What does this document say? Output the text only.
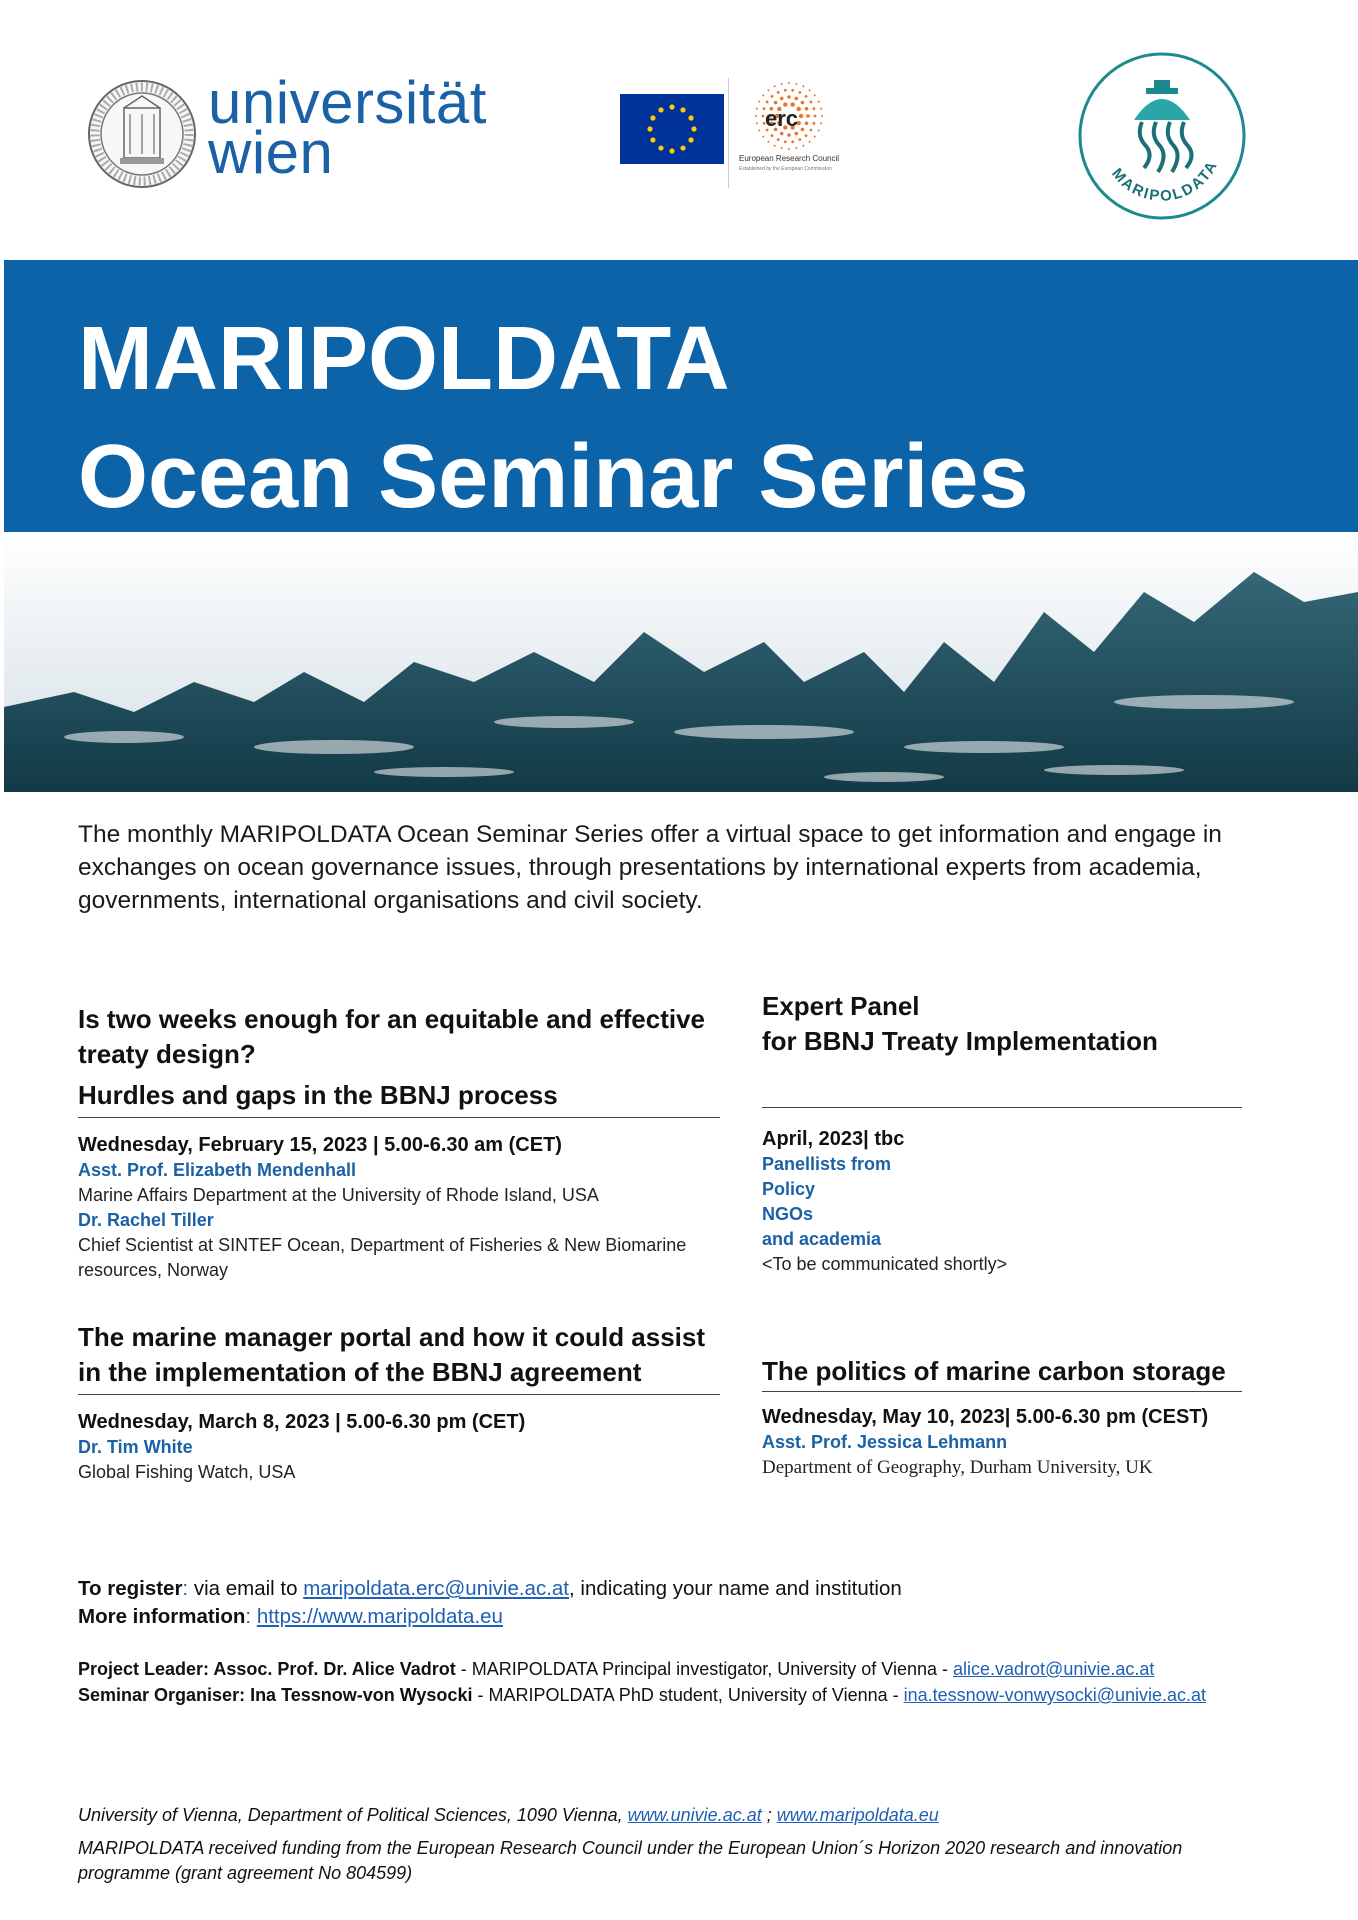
universität
wien
erc
European Research Council
Established by the European Commission	MARIPOLDATA
MARIPOLDATA
Ocean Seminar Series
The monthly MARIPOLDATA Ocean Seminar Series offer a virtual space to get information and engage in exchanges on ocean governance issues, through presentations by international experts from academia, governments, international organisations and civil society.
Is two weeks enough for an equitable and effective
treaty design?
Hurdles and gaps in the BBNJ process
Wednesday, February 15, 2023 | 5.00-6.30 am (CET)
Asst. Prof. Elizabeth Mendenhall
Marine Affairs Department at the University of Rhode Island, USA
Dr. Rachel Tiller
Chief Scientist at SINTEF Ocean, Department of Fisheries & New Biomarine
resources, Norway
Expert Panel
for BBNJ Treaty Implementation
April, 2023| tbc
Panellists from
Policy
NGOs
and academia
<To be communicated shortly>
The marine manager portal and how it could assist
in the implementation of the BBNJ agreement
Wednesday, March 8, 2023 | 5.00-6.30 pm (CET)
Dr. Tim White
Global Fishing Watch, USA
The politics of marine carbon storage
Wednesday, May 10, 2023| 5.00-6.30 pm (CEST)
Asst. Prof. Jessica Lehmann
Department of Geography, Durham University, UK
To register: via email to maripoldata.erc@univie.ac.at, indicating your name and institution
More information: https://www.maripoldata.eu
Project Leader: Assoc. Prof. Dr. Alice Vadrot - MARIPOLDATA Principal investigator, University of Vienna - alice.vadrot@univie.ac.at
Seminar Organiser: Ina Tessnow-von Wysocki - MARIPOLDATA PhD student, University of Vienna - ina.tessnow-vonwysocki@univie.ac.at
University of Vienna, Department of Political Sciences, 1090 Vienna, www.univie.ac.at ; www.maripoldata.eu
MARIPOLDATA received funding from the European Research Council under the European Union´s Horizon 2020 research and innovation
programme (grant agreement No 804599)
